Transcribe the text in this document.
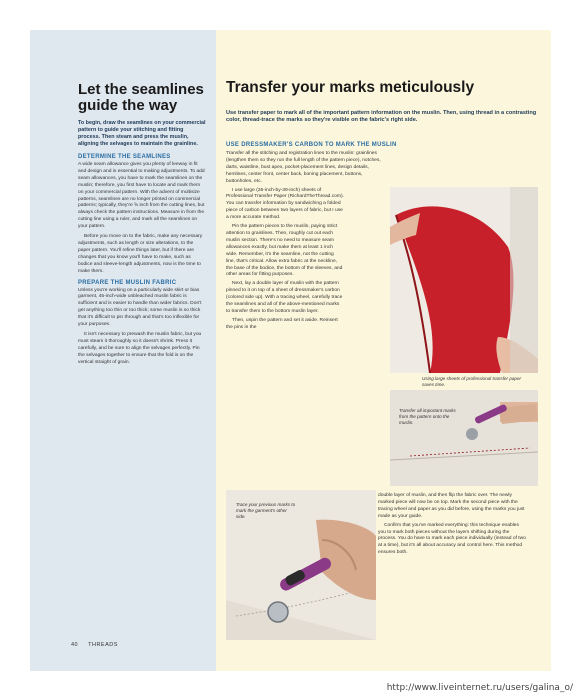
Let the seamlines guide the way

To begin, draw the seamlines on your commercial pattern to guide your stitching and fitting process. Then steam and press the muslin, aligning the selvages to maintain the grainline.

DETERMINE THE SEAMLINES

A wide seam allowance gives you plenty of leeway in fit and design and is essential to making adjustments. To add seam allowances, you have to mark the seamlines on the muslin; therefore, you first have to locate and mark them on your commercial pattern. With the advent of multisize patterns, seamlines are no longer printed on commercial patterns; typically, they're ⅝ inch from the cutting lines, but always check the pattern instructions. Measure in from the cutting line using a ruler, and mark all the seamlines on your pattern.

Before you move on to the fabric, make any necessary adjustments, such as length or size alterations, to the paper pattern. You'll refine things later, but if there are changes that you know you'll have to make, such as bodice and sleeve-length adjustments, now is the time to make them.

PREPARE THE MUSLIN FABRIC

Unless you're working on a particularly wide skirt or bias garment, 45-inch-wide unbleached muslin fabric is sufficient and is easier to handle than wider fabrics. Don't get anything too thin or too thick; some muslin is so thick that it's difficult to pin through and that's too inflexible for your purposes.

It isn't necessary to prewash the muslin fabric, but you must steam it thoroughly so it doesn't shrink. Press it carefully, and be sure to align the selvages perfectly. Pin the selvages together to ensure that the fold is on the vertical straight of grain.

Transfer your marks meticulously

Use transfer paper to mark all of the important pattern information on the muslin. Then, using thread in a contrasting color, thread-trace the marks so they're visible on the fabric's right side.

USE DRESSMAKER'S CARBON TO MARK THE MUSLIN

Transfer all the stitching and registration lines to the muslin: grainlines (lengthen them so they run the full length of the pattern piece), notches, darts, waistline, bust apex, pocket-placement lines, design details, hemlines, center front, center back, boning placement, buttons, buttonholes, etc.

I use large (26-inch-by-39-inch) sheets of Professional Transfer Paper (RichardTheThread.com). You can transfer information by sandwiching a folded piece of carbon between two layers of fabric, but I use a more accurate method.

Pin the pattern pieces to the muslin, paying strict attention to grainlines. Then, roughly cut out each muslin section. There's no need to measure seam allowances exactly, but make them at least 1 inch wide. Remember, it's the seamline, not the cutting line, that's critical. Allow extra fabric at the neckline, the base of the bodice, the bottom of the sleeves, and other areas for fitting purposes.

Next, lay a double layer of muslin with the pattern pinned to it on top of a sheet of dressmaker's carbon (colored side up). With a tracing wheel, carefully trace the seamlines and all of the above-mentioned marks to transfer them to the bottom muslin layer.

Then, unpin the pattern and set it aside. Reinsert the pins in the

Using large sheets of professional transfer paper saves time.
Transfer all important marks from the pattern onto the muslin.
Trace your previous marks to mark the garment's other side.

double layer of muslin, and then flip the fabric over. The newly marked piece will now be on top. Mark the second piece with the tracing wheel and paper as you did before, using the marks you just made as your guide.

Confirm that you've marked everything: this technique enables you to mark both pieces without the layers shifting during the process. You do have to mark each piece individually (instead of two at a time), but it's all about accuracy and control here. This method ensures both.

40 THREADS
http://www.liveinternet.ru/users/galina_o/
